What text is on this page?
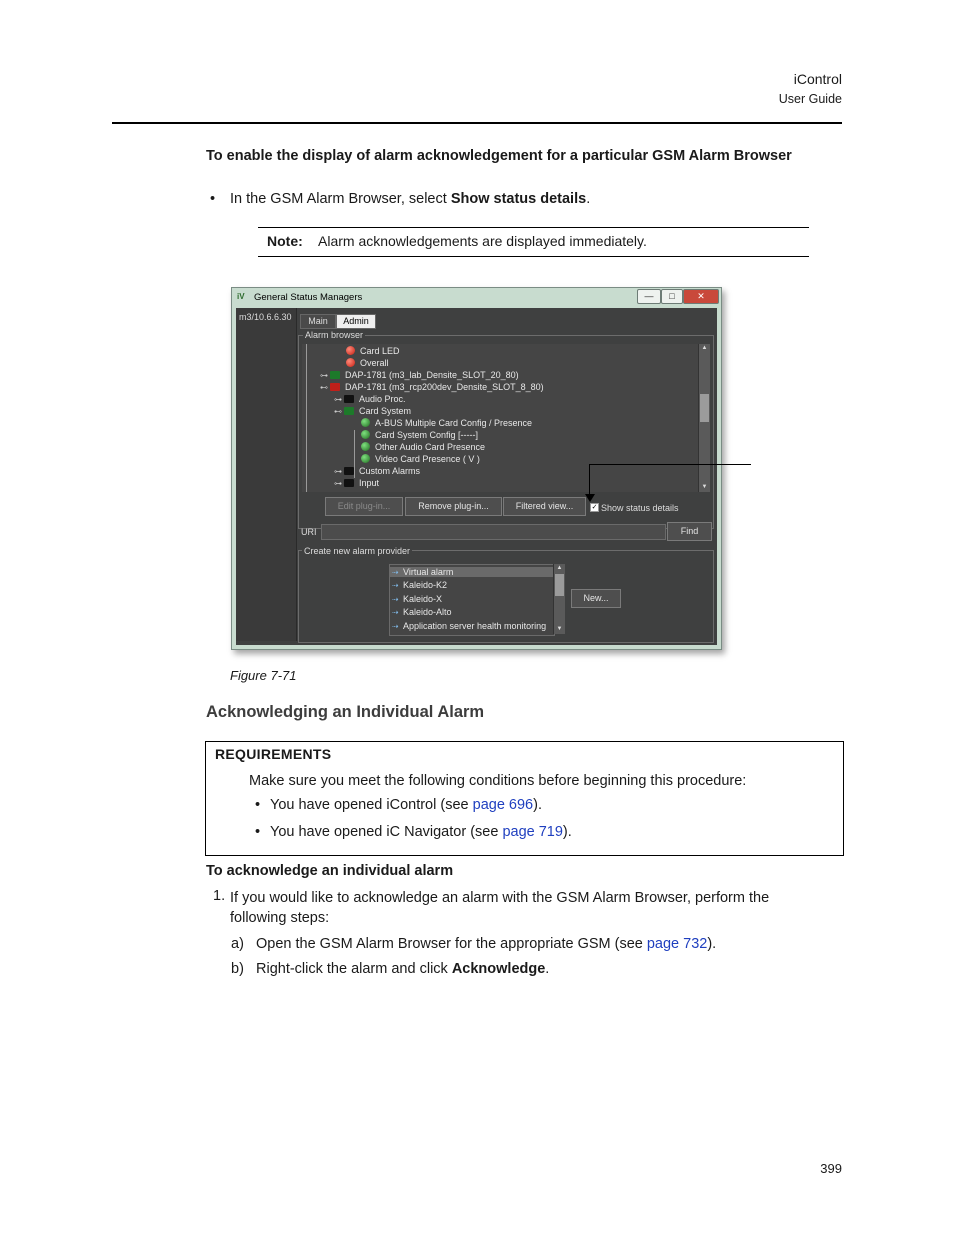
iControl
User Guide
To enable the display of alarm acknowledgement for a particular GSM Alarm Browser
• In the GSM Alarm Browser, select Show status details.
Note: Alarm acknowledgements are displayed immediately.
iV General Status Managers	—	□	✕
m3/10.6.6.30	Main	Admin
Alarm browser
Card LED
Overall
⊶ DAP-1781 (m3_lab_Densite_SLOT_20_80)
⊷ DAP-1781 (m3_rcp200dev_Densite_SLOT_8_80)
⊶ Audio Proc.
⊷ Card System
A-BUS Multiple Card Config / Presence
Card System Config [-----]
Other Audio Card Presence
Video Card Presence ( V )
⊶ Custom Alarms
⊶ Input
▲
▼
Edit plug-in...	Remove plug-in...	Filtered view...	✓ Show status details
URI	Find
Create new alarm provider
⇢ Virtual alarm
⇢ Kaleido-K2
⇢ Kaleido-X
⇢ Kaleido-Alto
⇢ Application server health monitoring
▲
▼
New...
Figure 7-71
Acknowledging an Individual Alarm
REQUIREMENTS
Make sure you meet the following conditions before beginning this procedure:
• You have opened iControl (see page 696).
• You have opened iC Navigator (see page 719).
To acknowledge an individual alarm
1. If you would like to acknowledge an alarm with the GSM Alarm Browser, perform the following steps:
a) Open the GSM Alarm Browser for the appropriate GSM (see page 732).
b) Right-click the alarm and click Acknowledge.
399
